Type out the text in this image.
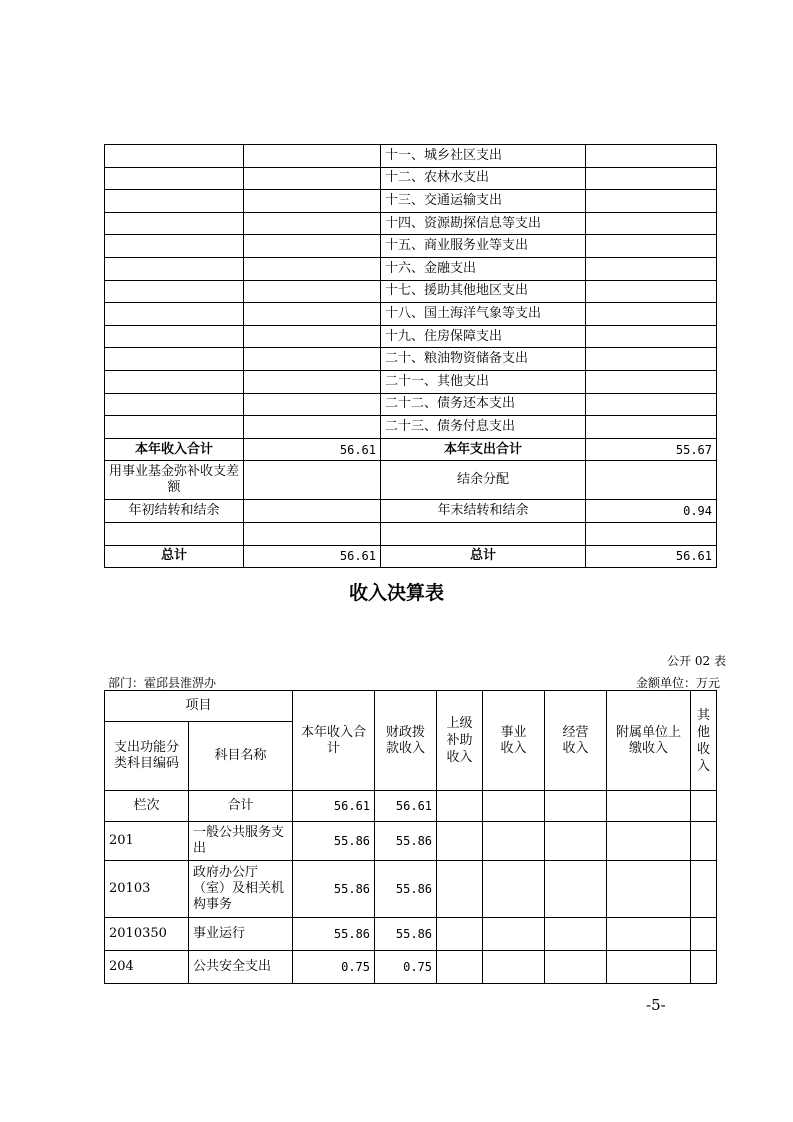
		十一、城乡社区支出	
		十二、农林水支出	
		十三、交通运输支出	
		十四、资源勘探信息等支出	
		十五、商业服务业等支出	
		十六、金融支出	
		十七、援助其他地区支出	
		十八、国土海洋气象等支出	
		十九、住房保障支出	
		二十、粮油物资储备支出	
		二十一、其他支出	
		二十二、债务还本支出	
		二十三、债务付息支出	
本年收入合计	56.61	本年支出合计	55.67
用事业基金弥补收支差额		结余分配	
年初结转和结余		年末结转和结余	0.94

总计	56.61	总计	56.61
收入决算表
公开 02 表
部门：霍邱县淮淠办	金额单位：万元
项目		本年收入合计	财政拨款收入	上级补助收入	事业收入	经营收入	附属单位上缴收入	其他收入
支出功能分类科目编码	科目名称							
栏次	合计	56.61	56.61					
201	一般公共服务支出	55.86	55.86					
20103	政府办公厅（室）及相关机构事务	55.86	55.86					
2010350	事业运行	55.86	55.86					
204	公共安全支出	0.75	0.75					
-5-
